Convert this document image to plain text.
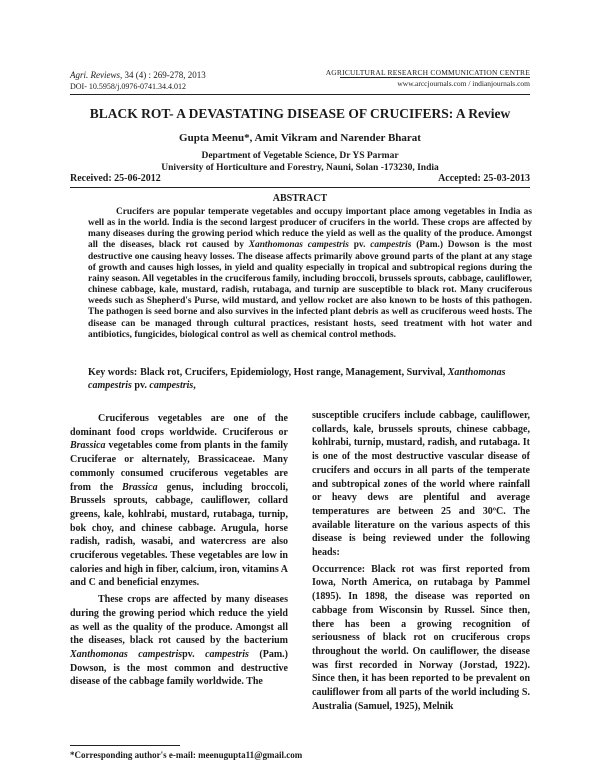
Agri. Reviews, 34 (4) : 269-278, 2013
DOI- 10.5958/j.0976-0741.34.4.012
AGRICULTURAL RESEARCH COMMUNICATION CENTRE
www.arccjournals.com / indianjournals.com
BLACK ROT- A DEVASTATING DISEASE OF CRUCIFERS: A Review
Gupta Meenu*, Amit Vikram and Narender Bharat
Department of Vegetable Science, Dr YS Parmar
University of Horticulture and Forestry, Nauni, Solan -173230, India
Received: 25-06-2012	Accepted: 25-03-2013
ABSTRACT
Crucifers are popular temperate vegetables and occupy important place among vegetables in India as well as in the world. India is the second largest producer of crucifers in the world. These crops are affected by many diseases during the growing period which reduce the yield as well as the quality of the produce. Amongst all the diseases, black rot caused by Xanthomonas campestris pv. campestris (Pam.) Dowson is the most destructive one causing heavy losses. The disease affects primarily above ground parts of the plant at any stage of growth and causes high losses, in yield and quality especially in tropical and subtropical regions during the rainy season. All vegetables in the cruciferous family, including broccoli, brussels sprouts, cabbage, cauliflower, chinese cabbage, kale, mustard, radish, rutabaga, and turnip are susceptible to black rot. Many cruciferous weeds such as Shepherd's Purse, wild mustard, and yellow rocket are also known to be hosts of this pathogen. The pathogen is seed borne and also survives in the infected plant debris as well as cruciferous weed hosts. The disease can be managed through cultural practices, resistant hosts, seed treatment with hot water and antibiotics, fungicides, biological control as well as chemical control methods.
Key words: Black rot, Crucifers, Epidemiology, Host range, Management, Survival, Xanthomonas campestris pv. campestris,

Cruciferous vegetables are one of the dominant food crops worldwide. Cruciferous or Brassica vegetables come from plants in the family Cruciferae or alternately, Brassicaceae. Many commonly consumed cruciferous vegetables are from the Brassica genus, including broccoli, Brussels sprouts, cabbage, cauliflower, collard greens, kale, kohlrabi, mustard, rutabaga, turnip, bok choy, and chinese cabbage. Arugula, horse radish, radish, wasabi, and watercress are also cruciferous vegetables. These vegetables are low in calories and high in fiber, calcium, iron, vitamins A and C and beneficial enzymes.

These crops are affected by many diseases during the growing period which reduce the yield as well as the quality of the produce. Amongst all the diseases, black rot caused by the bacterium Xanthomonas campestrispv. campestris (Pam.) Dowson, is the most common and destructive disease of the cabbage family worldwide. The

susceptible crucifers include cabbage, cauliflower, collards, kale, brussels sprouts, chinese cabbage, kohlrabi, turnip, mustard, radish, and rutabaga. It is one of the most destructive vascular disease of crucifers and occurs in all parts of the temperate and subtropical zones of the world where rainfall or heavy dews are plentiful and average temperatures are between 25 and 30ºC. The available literature on the various aspects of this disease is being reviewed under the following heads:

Occurrence: Black rot was first reported from Iowa, North America, on rutabaga by Pammel (1895). In 1898, the disease was reported on cabbage from Wisconsin by Russel. Since then, there has been a growing recognition of seriousness of black rot on cruciferous crops throughout the world. On cauliflower, the disease was first recorded in Norway (Jorstad, 1922). Since then, it has been reported to be prevalent on cauliflower from all parts of the world including S. Australia (Samuel, 1925), Melnik

*Corresponding author's e-mail: meenugupta11@gmail.com
